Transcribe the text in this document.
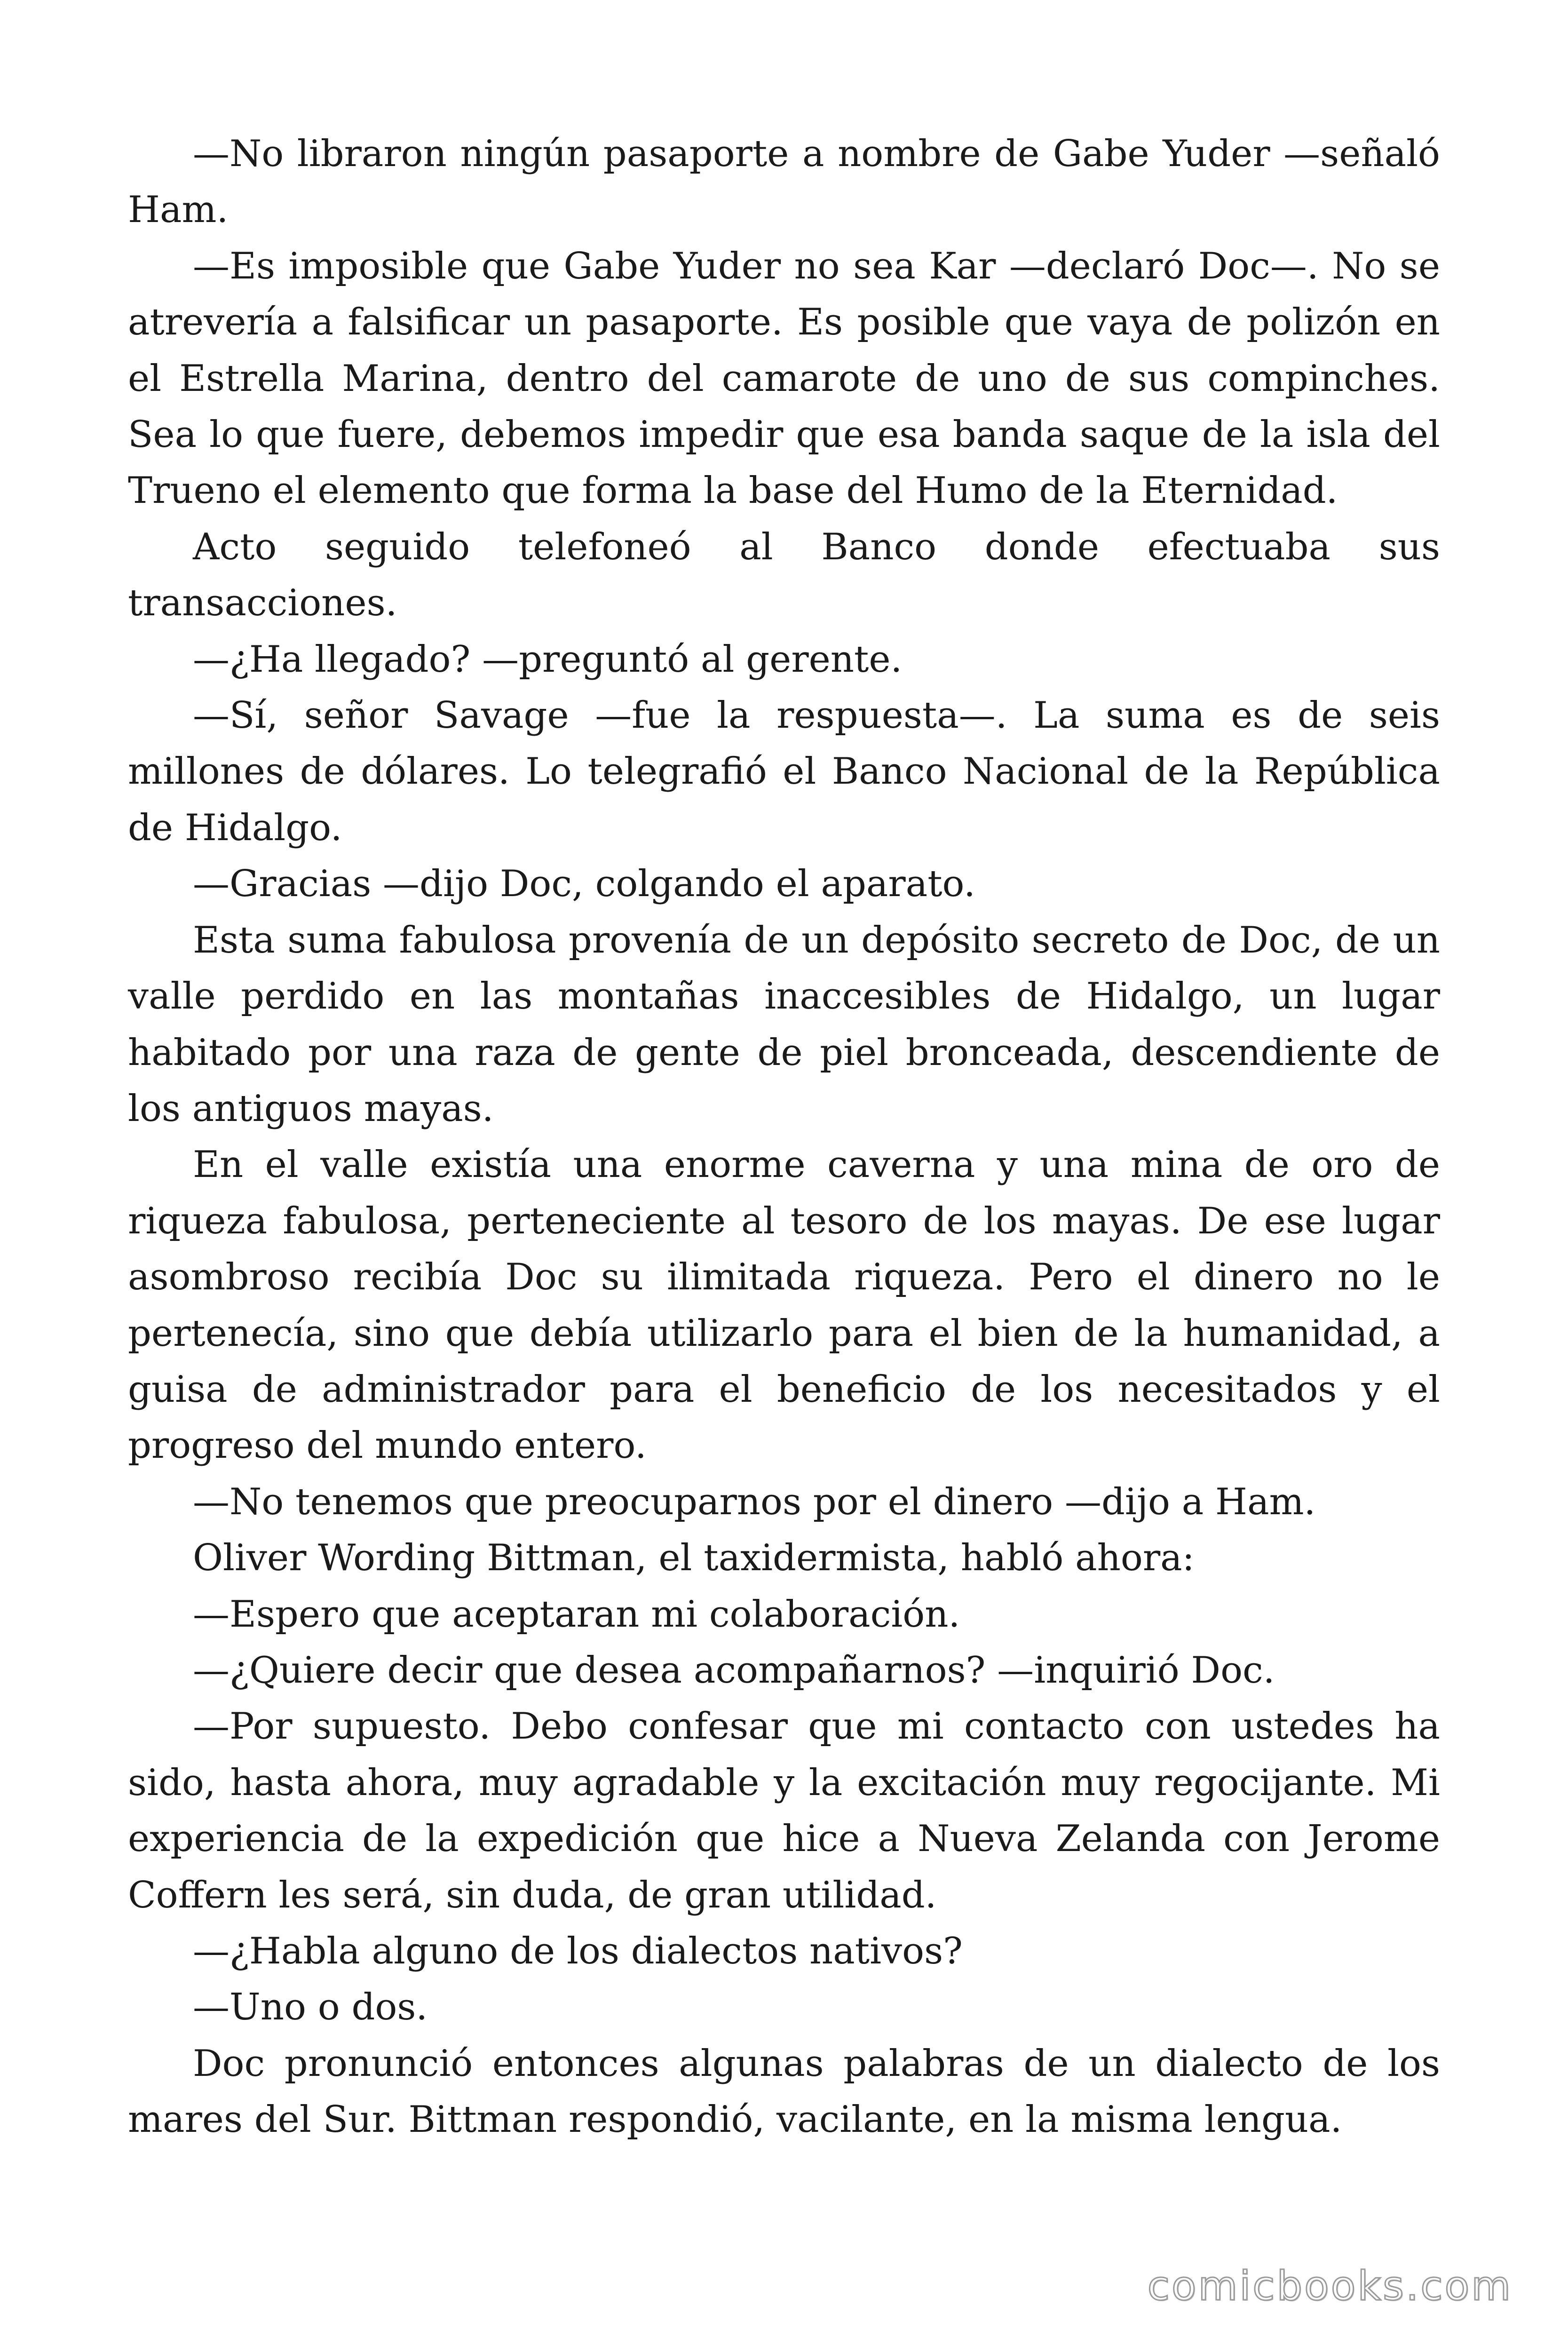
—No libraron ningún pasaporte a nombre de Gabe Yuder —señaló Ham.

—Es imposible que Gabe Yuder no sea Kar —declaró Doc—. No se atrevería a falsificar un pasaporte. Es posible que vaya de polizón en el Estrella Marina, dentro del camarote de uno de sus compinches. Sea lo que fuere, debemos impedir que esa banda saque de la isla del Trueno el elemento que forma la base del Humo de la Eternidad.

Acto seguido telefoneó al Banco donde efectuaba sus transacciones.

—¿Ha llegado? —preguntó al gerente.

—Sí, señor Savage —fue la respuesta—. La suma es de seis millones de dólares. Lo telegrafió el Banco Nacional de la República de Hidalgo.

—Gracias —dijo Doc, colgando el aparato.

Esta suma fabulosa provenía de un depósito secreto de Doc, de un valle perdido en las montañas inaccesibles de Hidalgo, un lugar habitado por una raza de gente de piel bronceada, descendiente de los antiguos mayas.

En el valle existía una enorme caverna y una mina de oro de riqueza fabulosa, perteneciente al tesoro de los mayas. De ese lugar asombroso recibía Doc su ilimitada riqueza. Pero el dinero no le pertenecía, sino que debía utilizarlo para el bien de la humanidad, a guisa de administrador para el beneficio de los necesitados y el progreso del mundo entero.

—No tenemos que preocuparnos por el dinero —dijo a Ham.

Oliver Wording Bittman, el taxidermista, habló ahora:

—Espero que aceptaran mi colaboración.

—¿Quiere decir que desea acompañarnos? —inquirió Doc.

—Por supuesto. Debo confesar que mi contacto con ustedes ha sido, hasta ahora, muy agradable y la excitación muy regocijante. Mi experiencia de la expedición que hice a Nueva Zelanda con Jerome Coffern les será, sin duda, de gran utilidad.

—¿Habla alguno de los dialectos nativos?

—Uno o dos.

Doc pronunció entonces algunas palabras de un dialecto de los mares del Sur. Bittman respondió, vacilante, en la misma lengua.

comicbooks.com
